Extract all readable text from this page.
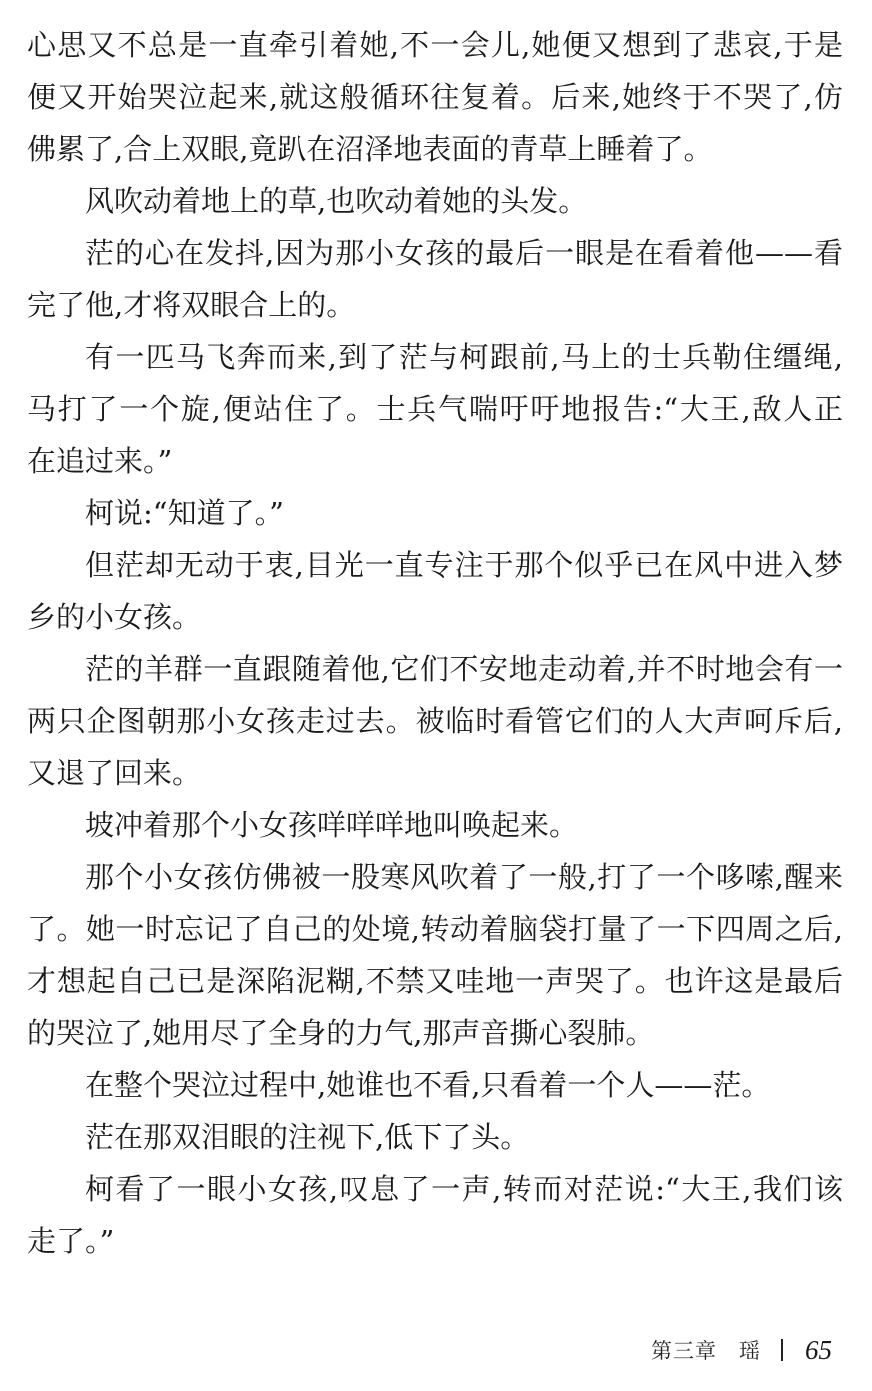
心思又不总是一直牵引着她,不一会儿,她便又想到了悲哀,于是
便又开始哭泣起来,就这般循环往复着。后来,她终于不哭了,仿
佛累了,合上双眼,竟趴在沼泽地表面的青草上睡着了。
风吹动着地上的草,也吹动着她的头发。
茫的心在发抖,因为那小女孩的最后一眼是在看着他——看
完了他,才将双眼合上的。
有一匹马飞奔而来,到了茫与柯跟前,马上的士兵勒住缰绳,
马打了一个旋,便站住了。士兵气喘吁吁地报告:“大王,敌人正
在追过来。”
柯说:“知道了。”
但茫却无动于衷,目光一直专注于那个似乎已在风中进入梦
乡的小女孩。
茫的羊群一直跟随着他,它们不安地走动着,并不时地会有一
两只企图朝那小女孩走过去。被临时看管它们的人大声呵斥后,
又退了回来。
坡冲着那个小女孩咩咩咩地叫唤起来。
那个小女孩仿佛被一股寒风吹着了一般,打了一个哆嗦,醒来
了。她一时忘记了自己的处境,转动着脑袋打量了一下四周之后,
才想起自己已是深陷泥糊,不禁又哇地一声哭了。也许这是最后
的哭泣了,她用尽了全身的力气,那声音撕心裂肺。
在整个哭泣过程中,她谁也不看,只看着一个人——茫。
茫在那双泪眼的注视下,低下了头。
柯看了一眼小女孩,叹息了一声,转而对茫说:“大王,我们该
走了。”
第三章　瑶 65
